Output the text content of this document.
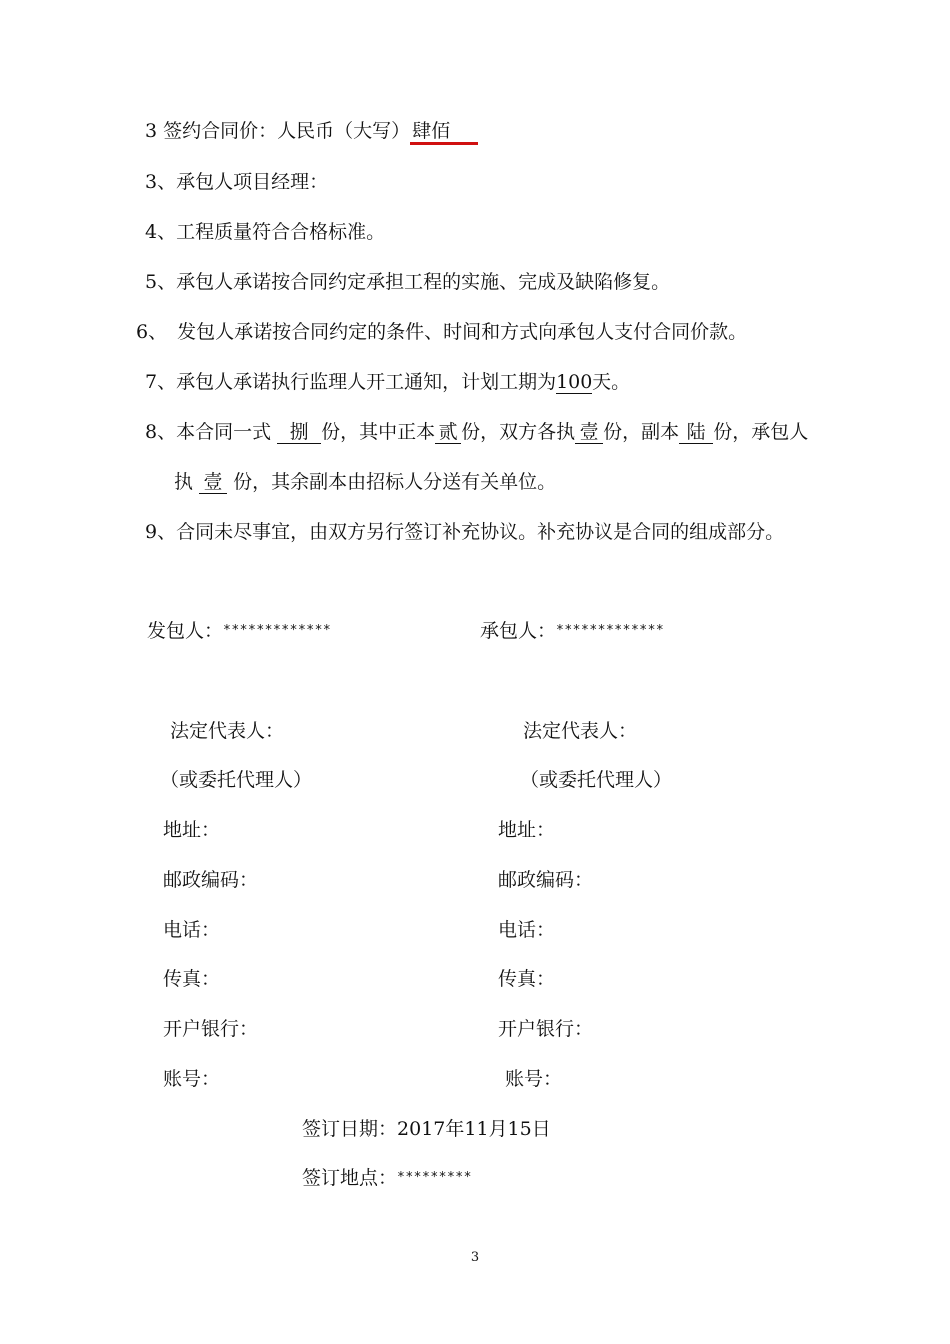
3 签约合同价：人民币（大写） 肆佰
3、承包人项目经理：
4、工程质量符合合格标准。
5、承包人承诺按合同约定承担工程的实施、完成及缺陷修复。
6、 发包人承诺按合同约定的条件、时间和方式向承包人支付合同价款。
7、承包人承诺执行监理人开工通知，计划工期为100天。
8、本合同一式 捌 份，其中正本 贰 份，双方各执 壹 份，副本 陆 份，承包人
执 壹 份，其余副本由招标人分送有关单位。
9、合同未尽事宜，由双方另行签订补充协议。补充协议是合同的组成部分。
发包人：*************	承包人：*************
法定代表人：
（或委托代理人）
地址：
邮政编码：
电话：
传真：
开户银行：
账号：
法定代表人：
（或委托代理人）
地址：
邮政编码：
电话：
传真：
开户银行：
账号：
签订日期：2017年11月15日
签订地点：*********
3
